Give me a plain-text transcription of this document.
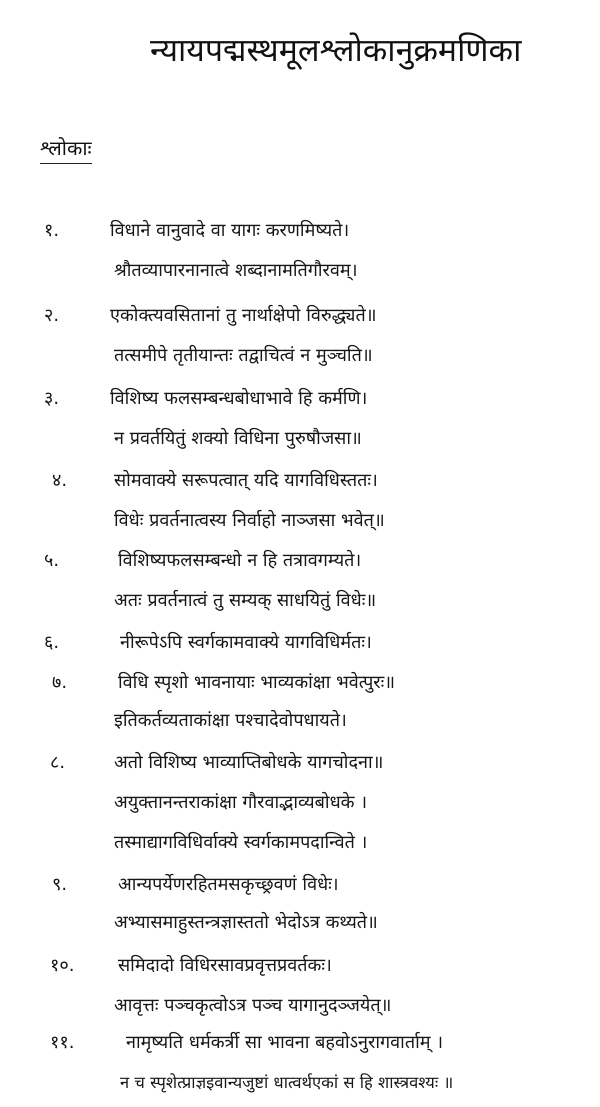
न्यायपद्मस्थमूलश्लोकानुक्रमणिका
श्लोकाः
१.	विधाने वानुवादे वा यागः करणमिष्यते।
श्रौतव्यापारनानात्वे शब्दानामतिगौरवम्।
२.	एकोक्त्यवसितानां तु नार्थाक्षेपो विरुद्ध्यते॥
तत्समीपे तृतीयान्तः तद्वाचित्वं न मुञ्चति॥
३.	विशिष्य फलसम्बन्धबोधाभावे हि कर्मणि।
न प्रवर्तयितुं शक्यो विधिना पुरुषौजसा॥
४.	सोमवाक्ये सरूपत्वात् यदि यागविधिस्ततः।
विधेः प्रवर्तनात्वस्य निर्वाहो नाञ्जसा भवेत्॥
५.	विशिष्यफलसम्बन्धो न हि तत्रावगम्यते।
अतः प्रवर्तनात्वं तु सम्यक् साधयितुं विधेः॥
६.	नीरूपेऽपि स्वर्गकामवाक्ये यागविधिर्मतः।
७.	विधि स्पृशो भावनायाः भाव्यकांक्षा भवेत्पुरः॥
इतिकर्तव्यताकांक्षा पश्चादेवोपधायते।
८.	अतो विशिष्य भाव्याप्तिबोधके यागचोदना॥
अयुक्तानन्तराकांक्षा गौरवाद्भाव्यबोधके ।
तस्माद्यागविधिर्वाक्ये स्वर्गकामपदान्विते ।
९.	आन्यपर्येणरहितमसकृच्छ्रवणं विधेः।
अभ्यासमाहुस्तन्त्रज्ञास्ततो भेदोऽत्र कथ्यते॥
१०. समिदादो विधिरसावप्रवृत्तप्रवर्तकः।
आवृत्तः पञ्चकृत्वोऽत्र पञ्च यागानुदञ्जयेत्॥
११.	नामृष्यति धर्मकर्त्री सा भावना बहवोऽनुरागवार्ताम् ।
न च स्पृशेत्प्राज्ञइवान्यजुष्टां धात्वर्थएकां स हि शास्त्रवश्यः ॥
